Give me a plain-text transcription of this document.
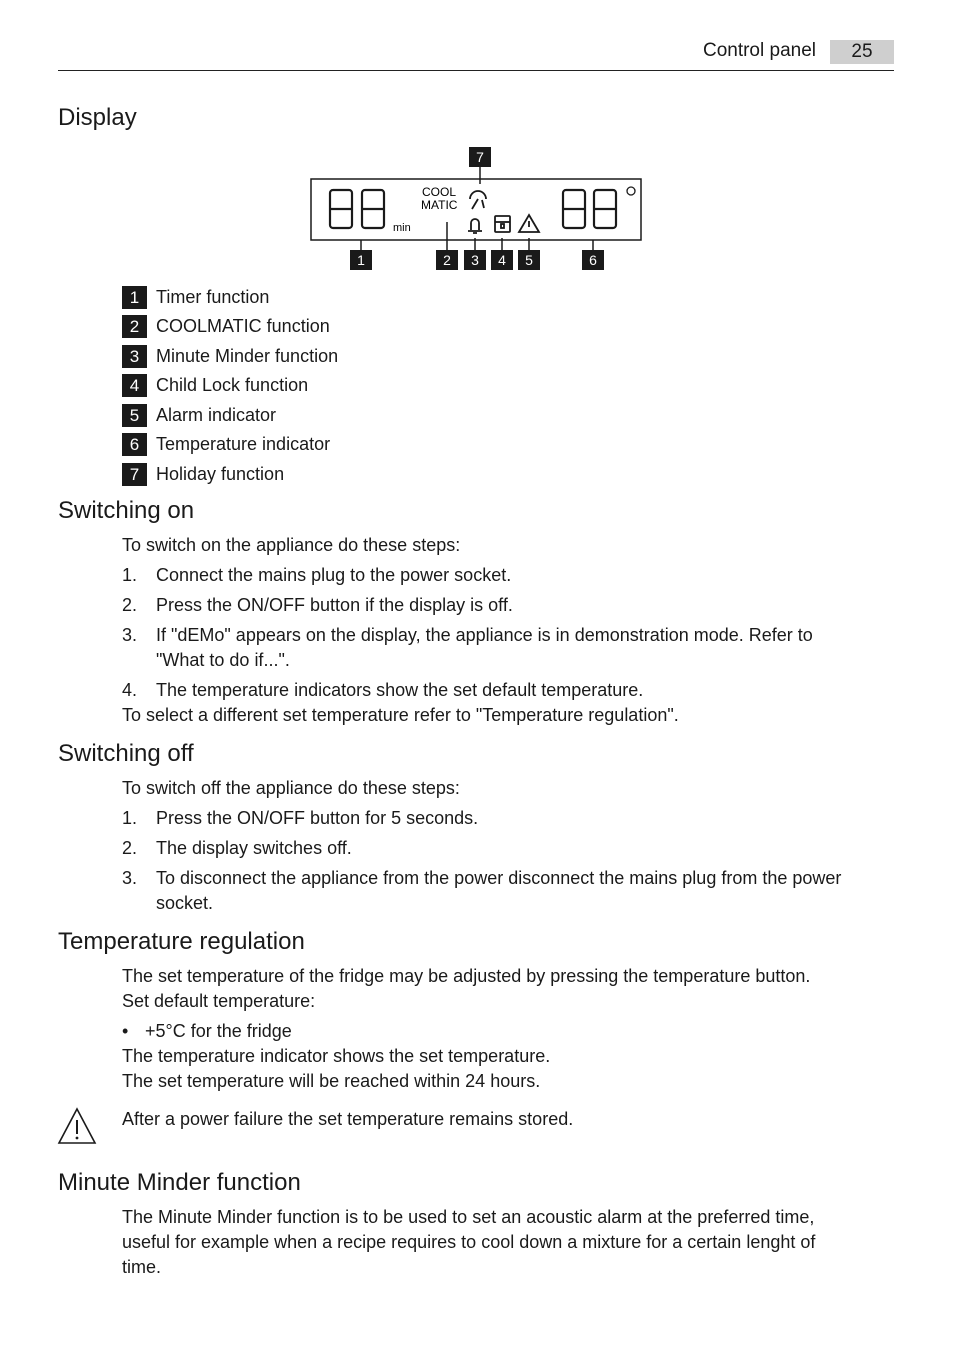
Control panel	25
Display
min
COOL
MATIC
1	2 3 4 5	6
7
1 Timer function
2 COOLMATIC function
3 Minute Minder function
4 Child Lock function
5 Alarm indicator
6 Temperature indicator
7 Holiday function
Switching on

To switch on the appliance do these steps:

1. Connect the mains plug to the power socket.

2. Press the ON/OFF button if the display is off.

3. If "dEMo" appears on the display, the appliance is in demonstration mode. Refer to

"What to do if...".

4. The temperature indicators show the set default temperature.

To select a different set temperature refer to "Temperature regulation".

Switching off

To switch off the appliance do these steps:

1. Press the ON/OFF button for 5 seconds.

2. The display switches off.

3. To disconnect the appliance from the power disconnect the mains plug from the power

socket.

Temperature regulation

The set temperature of the fridge may be adjusted by pressing the temperature button.

Set default temperature:

• +5°C for the fridge

The temperature indicator shows the set temperature.

The set temperature will be reached within 24 hours.

After a power failure the set temperature remains stored.

Minute Minder function

The Minute Minder function is to be used to set an acoustic alarm at the preferred time,

useful for example when a recipe requires to cool down a mixture for a certain lenght of

time.
